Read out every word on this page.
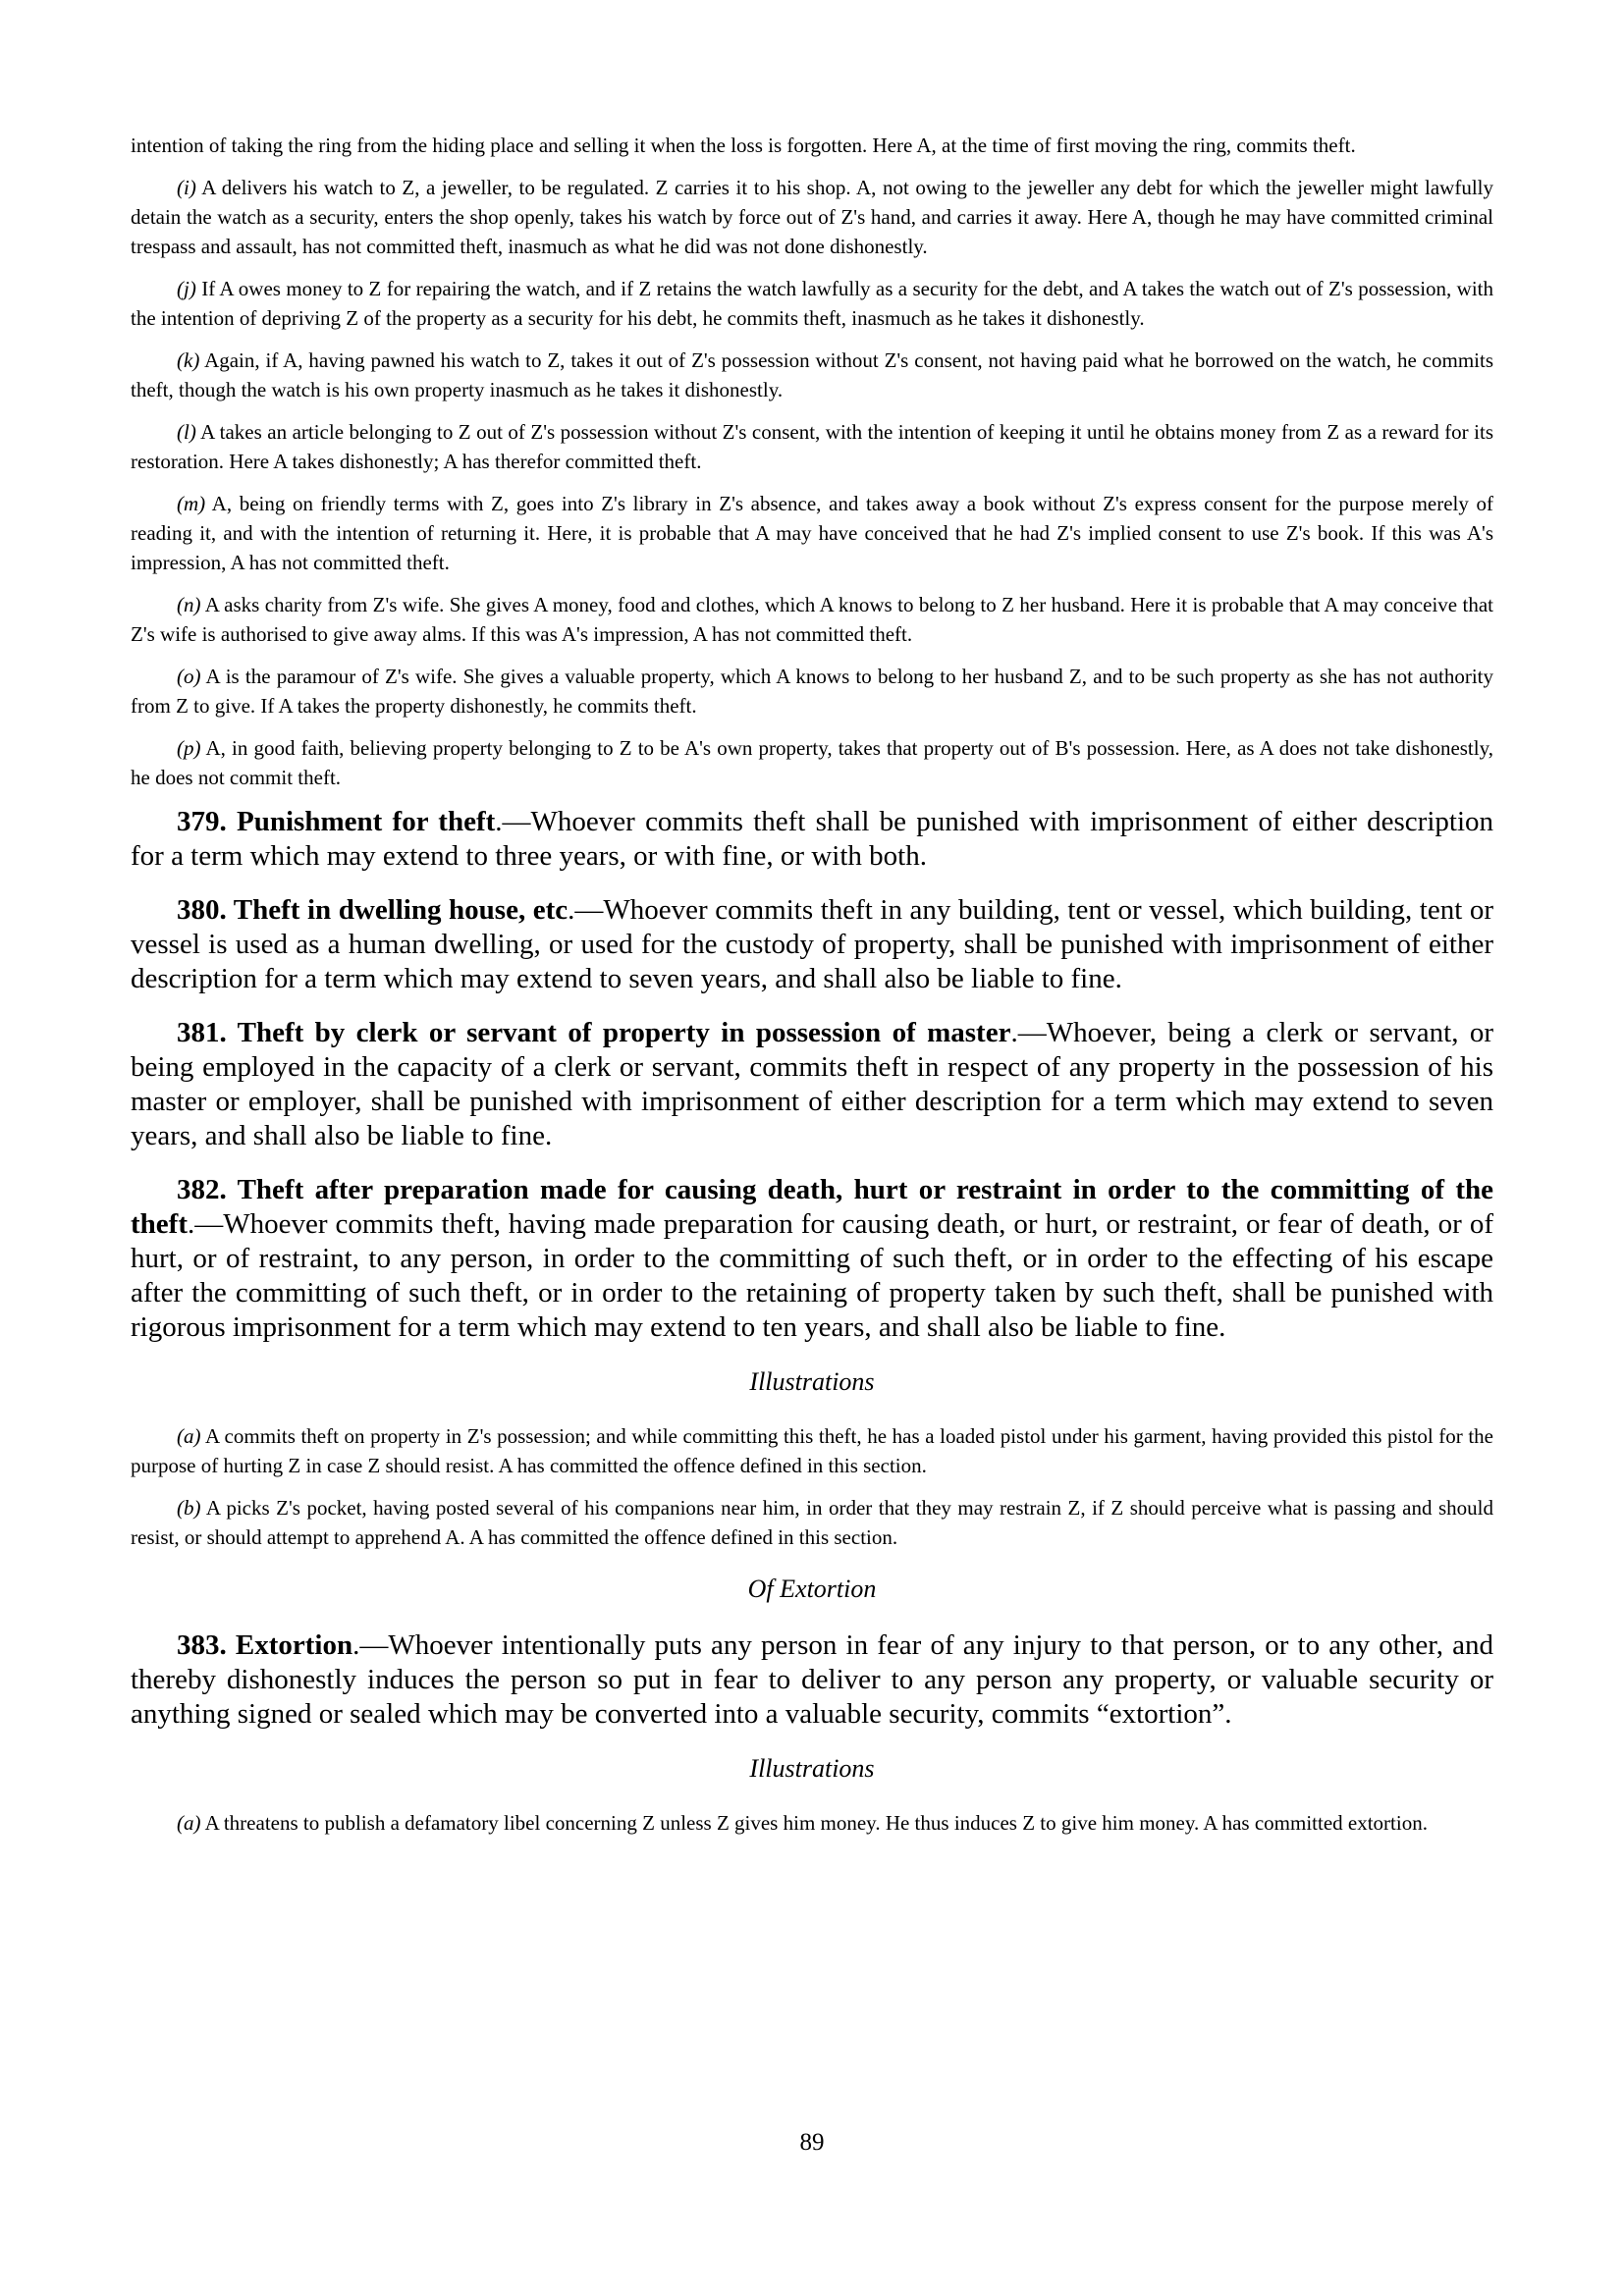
intention of taking the ring from the hiding place and selling it when the loss is forgotten. Here A, at the time of first moving the ring, commits theft.

(i) A delivers his watch to Z, a jeweller, to be regulated. Z carries it to his shop. A, not owing to the jeweller any debt for which the jeweller might lawfully detain the watch as a security, enters the shop openly, takes his watch by force out of Z's hand, and carries it away. Here A, though he may have committed criminal trespass and assault, has not committed theft, inasmuch as what he did was not done dishonestly.

(j) If A owes money to Z for repairing the watch, and if Z retains the watch lawfully as a security for the debt, and A takes the watch out of Z's possession, with the intention of depriving Z of the property as a security for his debt, he commits theft, inasmuch as he takes it dishonestly.

(k) Again, if A, having pawned his watch to Z, takes it out of Z's possession without Z's consent, not having paid what he borrowed on the watch, he commits theft, though the watch is his own property inasmuch as he takes it dishonestly.

(l) A takes an article belonging to Z out of Z's possession without Z's consent, with the intention of keeping it until he obtains money from Z as a reward for its restoration. Here A takes dishonestly; A has therefor committed theft.

(m) A, being on friendly terms with Z, goes into Z's library in Z's absence, and takes away a book without Z's express consent for the purpose merely of reading it, and with the intention of returning it. Here, it is probable that A may have conceived that he had Z's implied consent to use Z's book. If this was A's impression, A has not committed theft.

(n) A asks charity from Z's wife. She gives A money, food and clothes, which A knows to belong to Z her husband. Here it is probable that A may conceive that Z's wife is authorised to give away alms. If this was A's impression, A has not committed theft.

(o) A is the paramour of Z's wife. She gives a valuable property, which A knows to belong to her husband Z, and to be such property as she has not authority from Z to give. If A takes the property dishonestly, he commits theft.

(p) A, in good faith, believing property belonging to Z to be A's own property, takes that property out of B's possession. Here, as A does not take dishonestly, he does not commit theft.

379. Punishment for theft.—Whoever commits theft shall be punished with imprisonment of either description for a term which may extend to three years, or with fine, or with both.

380. Theft in dwelling house, etc.—Whoever commits theft in any building, tent or vessel, which building, tent or vessel is used as a human dwelling, or used for the custody of property, shall be punished with imprisonment of either description for a term which may extend to seven years, and shall also be liable to fine.

381. Theft by clerk or servant of property in possession of master.—Whoever, being a clerk or servant, or being employed in the capacity of a clerk or servant, commits theft in respect of any property in the possession of his master or employer, shall be punished with imprisonment of either description for a term which may extend to seven years, and shall also be liable to fine.

382. Theft after preparation made for causing death, hurt or restraint in order to the committing of the theft.—Whoever commits theft, having made preparation for causing death, or hurt, or restraint, or fear of death, or of hurt, or of restraint, to any person, in order to the committing of such theft, or in order to the effecting of his escape after the committing of such theft, or in order to the retaining of property taken by such theft, shall be punished with rigorous imprisonment for a term which may extend to ten years, and shall also be liable to fine.

Illustrations

(a) A commits theft on property in Z's possession; and while committing this theft, he has a loaded pistol under his garment, having provided this pistol for the purpose of hurting Z in case Z should resist. A has committed the offence defined in this section.

(b) A picks Z's pocket, having posted several of his companions near him, in order that they may restrain Z, if Z should perceive what is passing and should resist, or should attempt to apprehend A. A has committed the offence defined in this section.

Of Extortion

383. Extortion.—Whoever intentionally puts any person in fear of any injury to that person, or to any other, and thereby dishonestly induces the person so put in fear to deliver to any person any property, or valuable security or anything signed or sealed which may be converted into a valuable security, commits “extortion”.

Illustrations

(a) A threatens to publish a defamatory libel concerning Z unless Z gives him money. He thus induces Z to give him money. A has committed extortion.

89
